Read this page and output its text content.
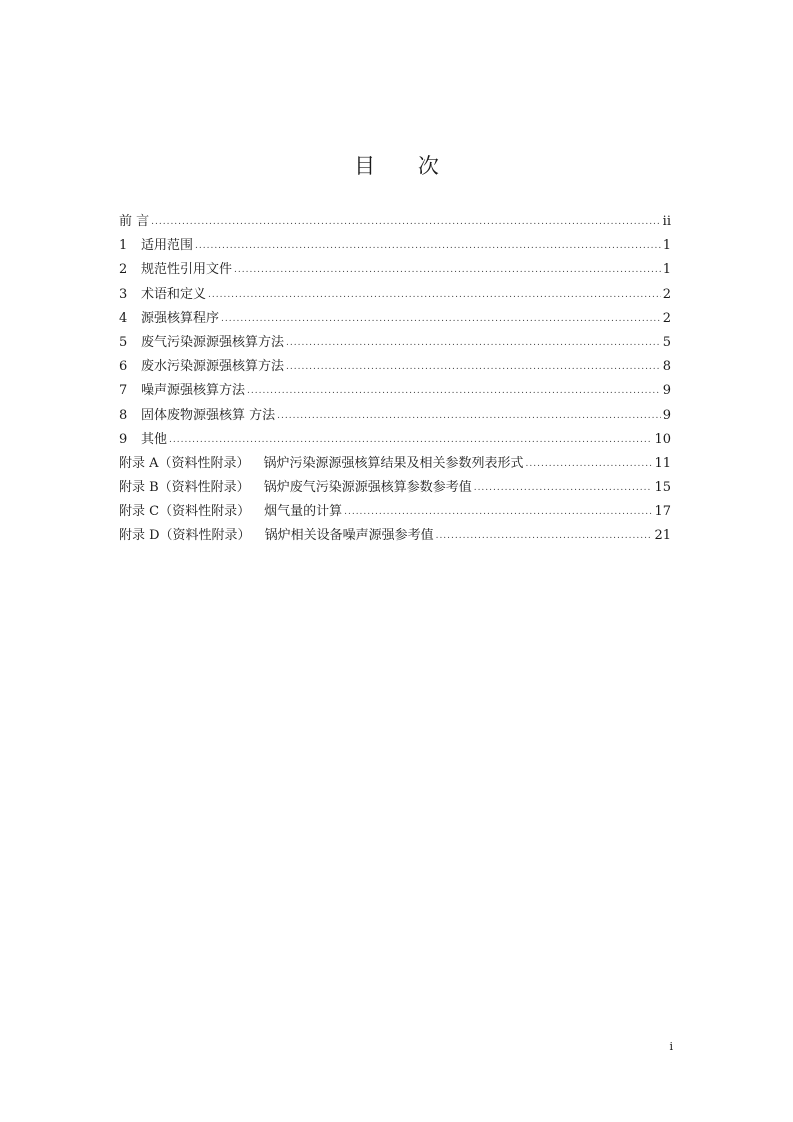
目 次
前 言 .....	ii
1 适用范围 .....	1
2 规范性引用文件 .....	1
3 术语和定义 .....	2
4 源强核算程序 .....	2
5 废气污染源源强核算方法 .....	5
6 废水污染源源强核算方法 .....	8
7 噪声源强核算方法 .....	9
8 固体废物源强核算 方法 .....	9
9 其他 .....	10
附录 A（资料性附录） 锅炉污染源源强核算结果及相关参数列表形式 .....	11
附录 B（资料性附录） 锅炉废气污染源源强核算参数参考值 .....	15
附录 C（资料性附录） 烟气量的计算 .....	17
附录 D（资料性附录） 锅炉相关设备噪声源强参考值 .....	21
i
